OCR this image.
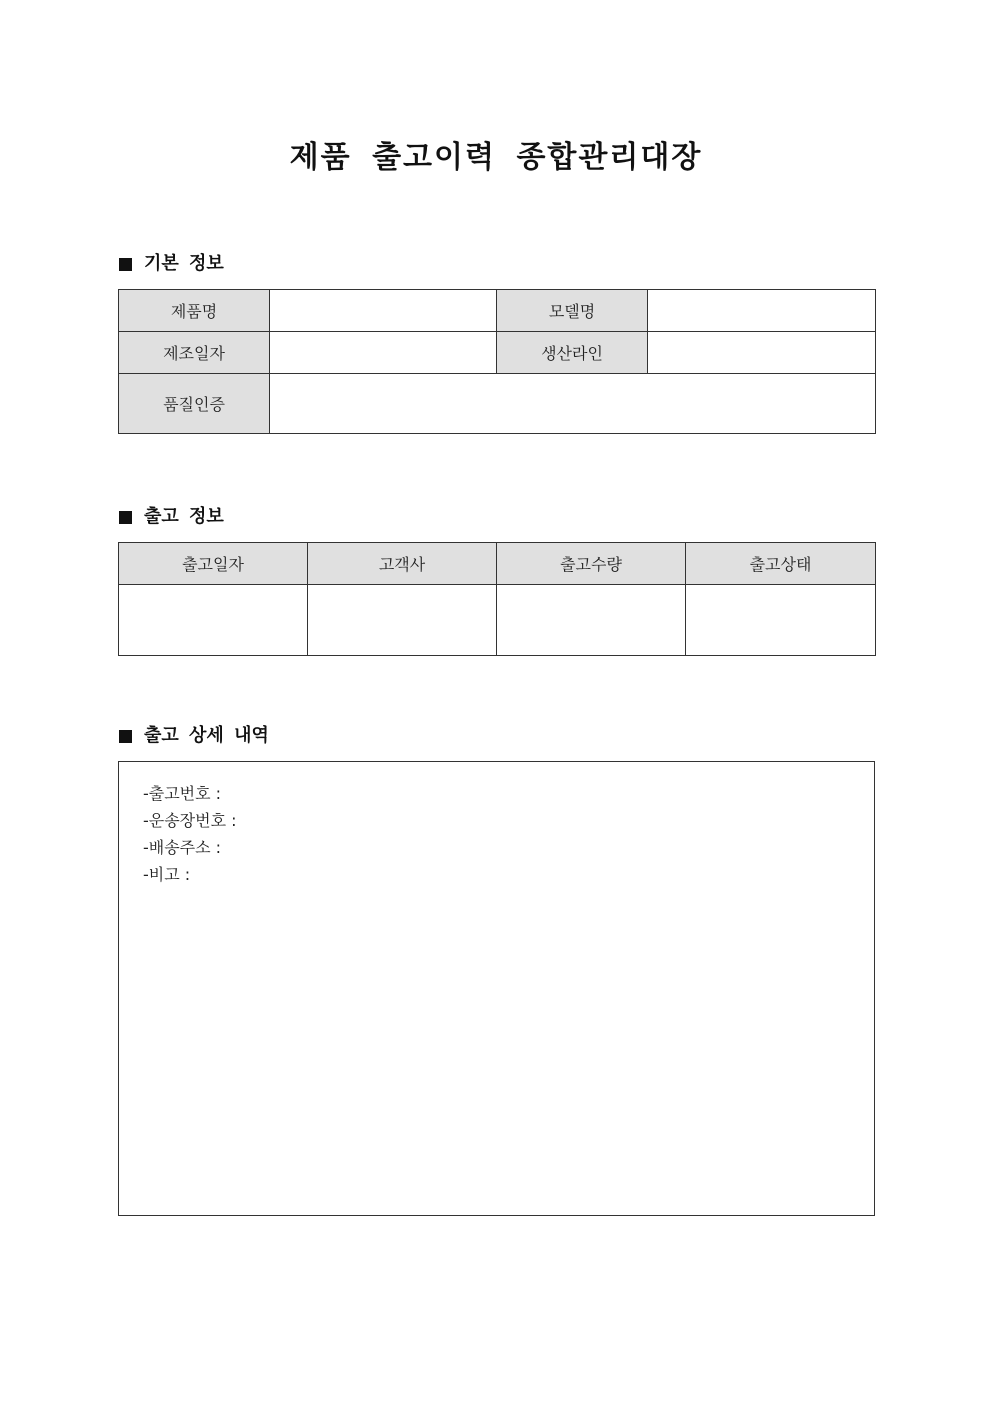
제품 출고이력 종합관리대장
기본 정보
제품명		모델명	
제조일자		생산라인	
품질인증			
출고 정보
출고일자	고객사	출고수량	출고상태

출고 상세 내역
-출고번호 :
-운송장번호 :
-배송주소 :
-비고 :
